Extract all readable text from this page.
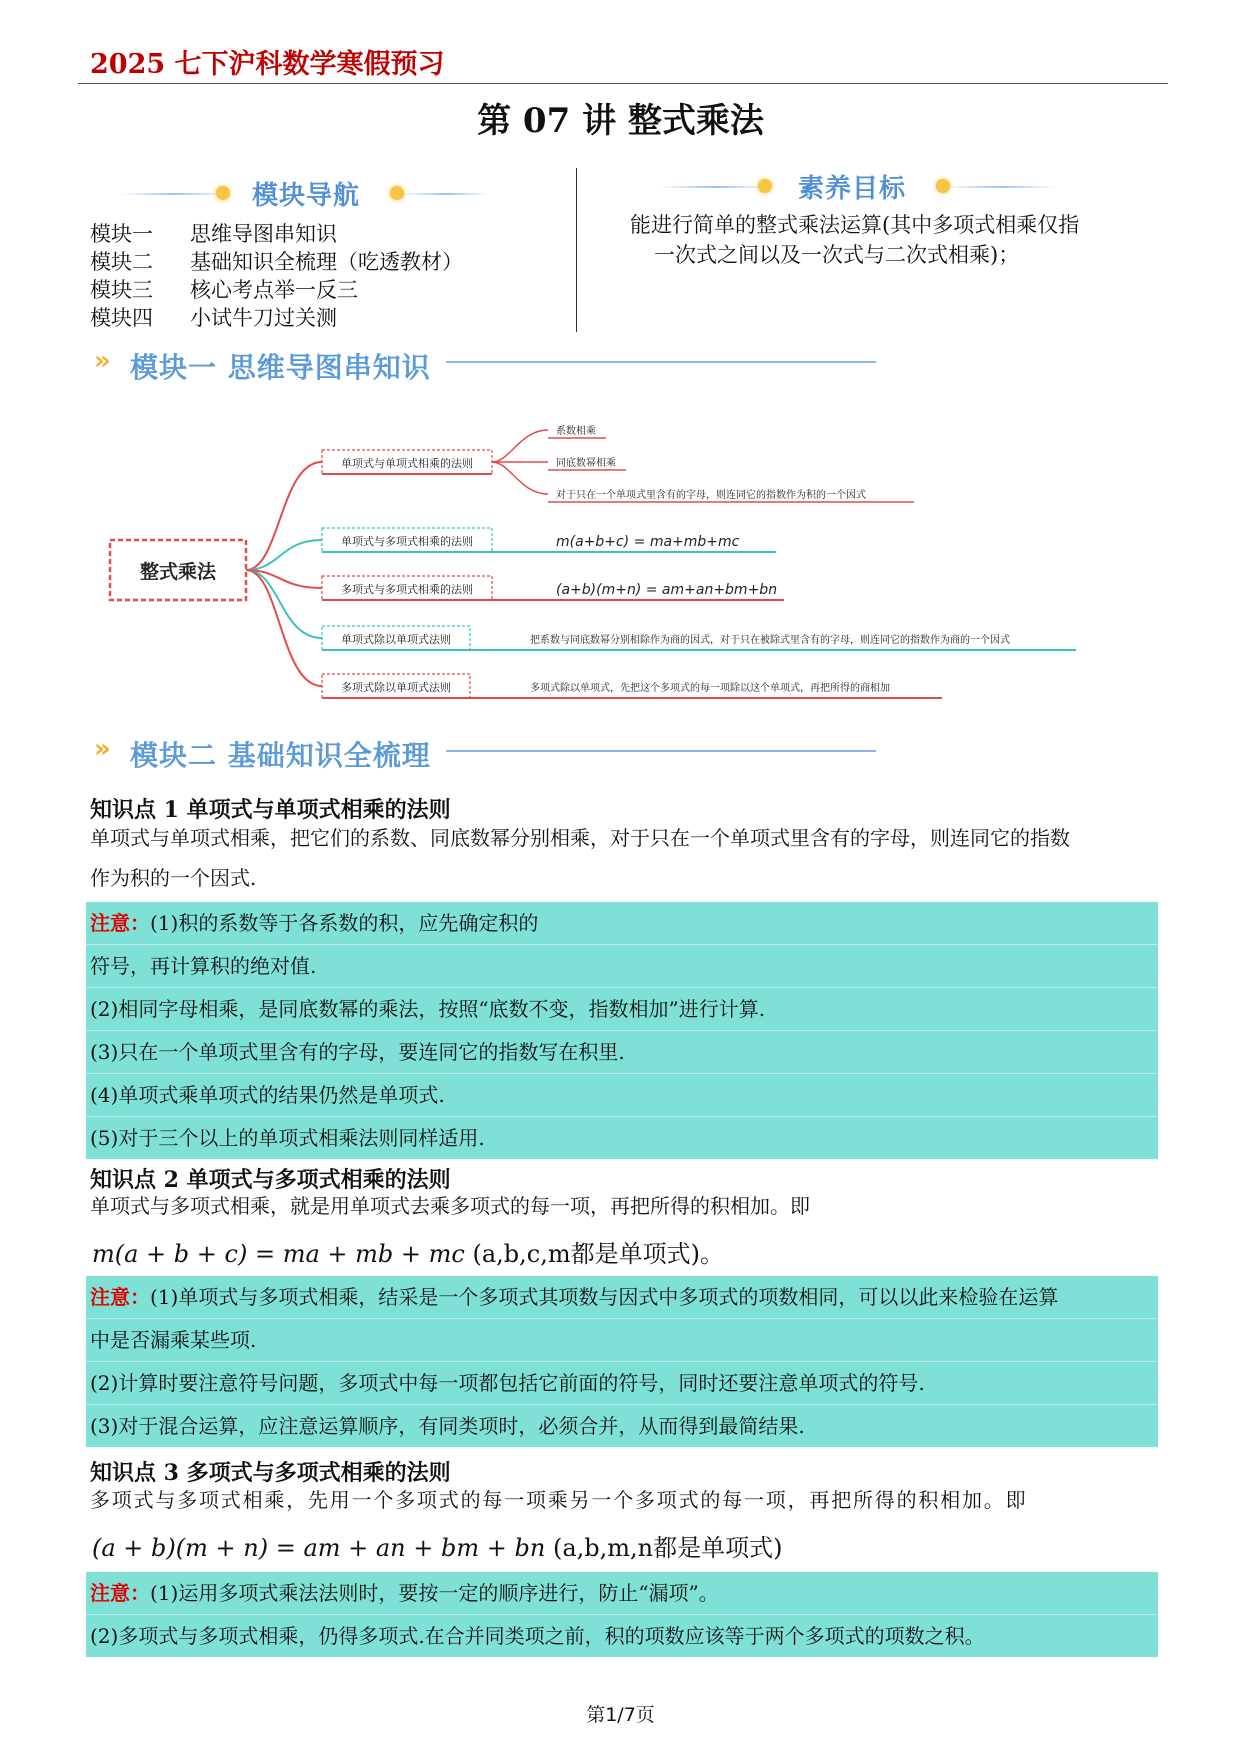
2025 七下沪科数学寒假预习
第 07 讲 整式乘法
模块导航
模块一 思维导图串知识
模块二 基础知识全梳理（吃透教材）
模块三 核心考点举一反三
模块四 小试牛刀过关测
素养目标
能进行简单的整式乘法运算(其中多项式相乘仅指
一次式之间以及一次式与二次式相乘)；
» 模块一 思维导图串知识
整式乘法
单项式与单项式相乘的法则
系数相乘
同底数幂相乘
对于只在一个单项式里含有的字母，则连同它的指数作为积的一个因式
单项式与多项式相乘的法则	m(a+b+c) = ma+mb+mc
多项式与多项式相乘的法则	(a+b)(m+n) = am+an+bm+bn
单项式除以单项式法则	把系数与同底数幂分别相除作为商的因式，对于只在被除式里含有的字母，则连同它的指数作为商的一个因式
多项式除以单项式法则	多项式除以单项式，先把这个多项式的每一项除以这个单项式，再把所得的商相加
» 模块二 基础知识全梳理
知识点 1 单项式与单项式相乘的法则
单项式与单项式相乘，把它们的系数、同底数幂分别相乘，对于只在一个单项式里含有的字母，则连同它的指数
作为积的一个因式.
注意：(1)积的系数等于各系数的积，应先确定积的
符号，再计算积的绝对值.
(2)相同字母相乘，是同底数幂的乘法，按照“底数不变，指数相加”进行计算.
(3)只在一个单项式里含有的字母，要连同它的指数写在积里.
(4)单项式乘单项式的结果仍然是单项式.
(5)对于三个以上的单项式相乘法则同样适用.
知识点 2 单项式与多项式相乘的法则
单项式与多项式相乘，就是用单项式去乘多项式的每一项，再把所得的积相加。即
m(a + b + c) = ma + mb + mc (a,b,c,m都是单项式)。
注意：(1)单项式与多项式相乘，结采是一个多项式其项数与因式中多项式的项数相同，可以以此来检验在运算
中是否漏乘某些项.
(2)计算时要注意符号问题，多项式中每一项都包括它前面的符号，同时还要注意单项式的符号.
(3)对于混合运算，应注意运算顺序，有同类项时，必须合并，从而得到最简结果.
知识点 3 多项式与多项式相乘的法则
多项式与多项式相乘，先用一个多项式的每一项乘另一个多项式的每一项，再把所得的积相加。即
(a + b)(m + n) = am + an + bm + bn (a,b,m,n都是单项式)
注意：(1)运用多项式乘法法则时，要按一定的顺序进行，防止“漏项”。
(2)多项式与多项式相乘，仍得多项式.在合并同类项之前，积的项数应该等于两个多项式的项数之积。
第1/7页
